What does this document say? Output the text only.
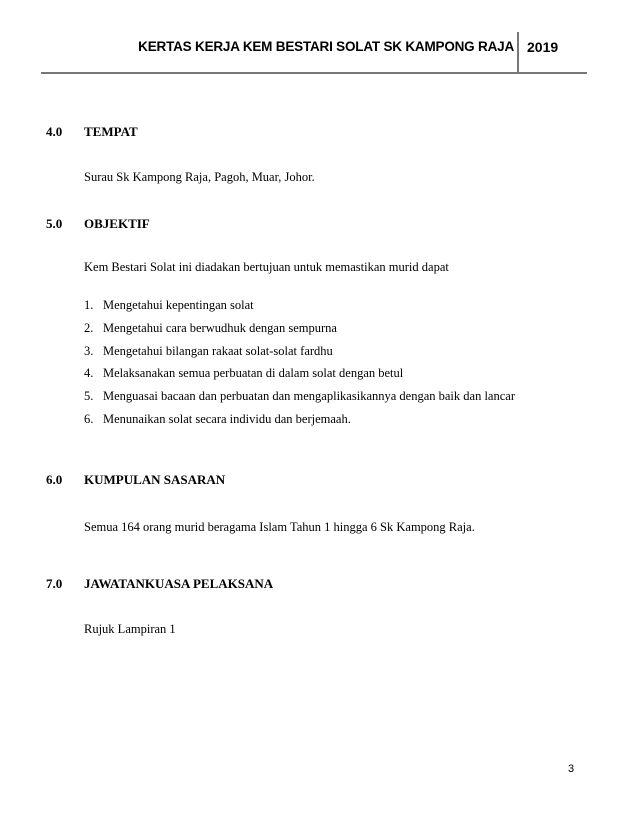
KERTAS KERJA KEM BESTARI SOLAT SK KAMPONG RAJA 2019
4.0 TEMPAT
Surau Sk Kampong Raja, Pagoh, Muar, Johor.
5.0 OBJEKTIF
Kem Bestari Solat ini diadakan bertujuan untuk memastikan murid dapat
1. Mengetahui kepentingan solat
2. Mengetahui cara berwudhuk dengan sempurna
3. Mengetahui bilangan rakaat solat-solat fardhu
4. Melaksanakan semua perbuatan di dalam solat dengan betul
5. Menguasai bacaan dan perbuatan dan mengaplikasikannya dengan baik dan lancar
6. Menunaikan solat secara individu dan berjemaah.
6.0 KUMPULAN SASARAN
Semua 164 orang murid beragama Islam Tahun 1 hingga 6 Sk Kampong Raja.
7.0 JAWATANKUASA PELAKSANA
Rujuk Lampiran 1
3
